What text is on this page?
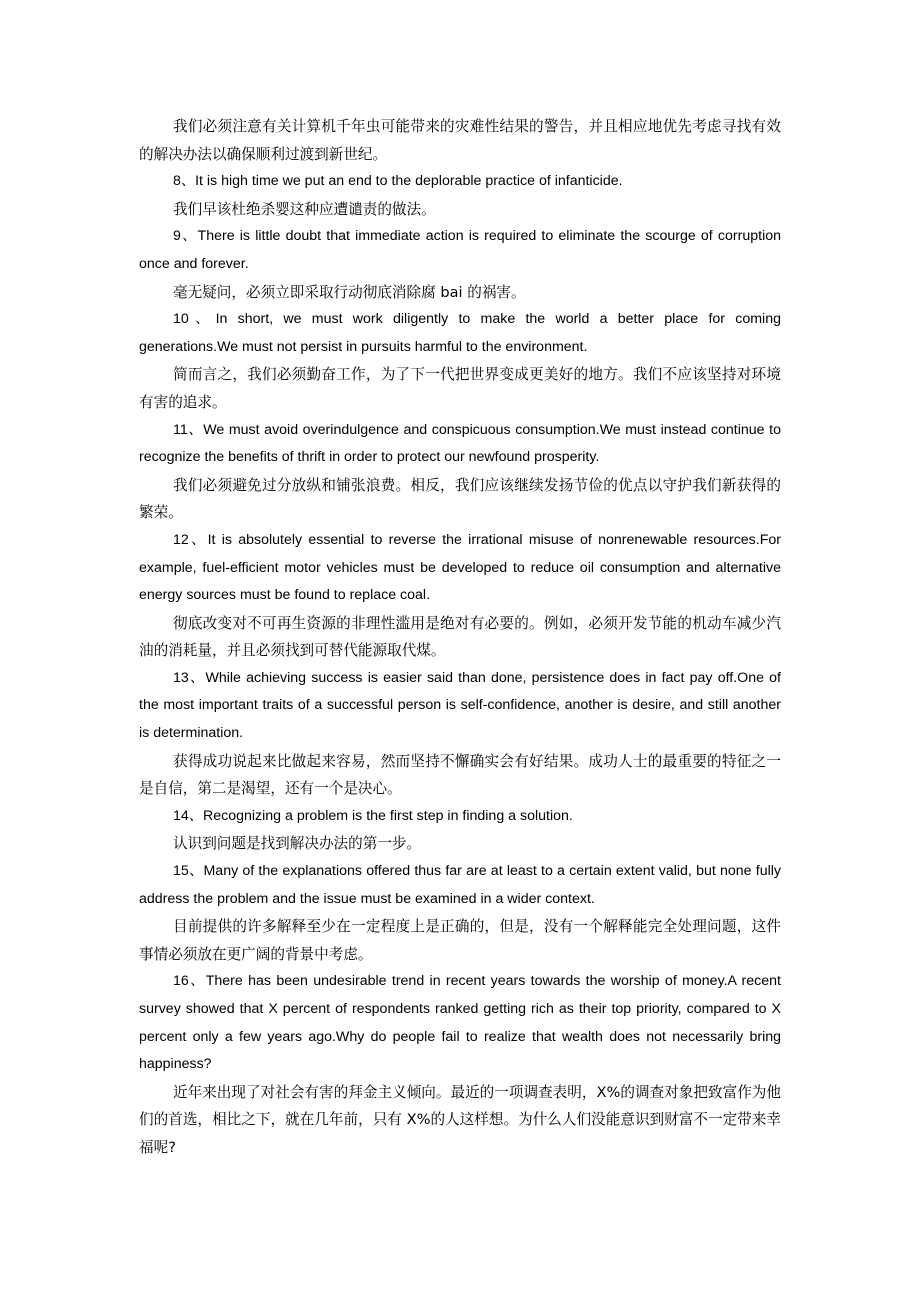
我们必须注意有关计算机千年虫可能带来的灾难性结果的警告，并且相应地优先考虑寻找有效的解决办法以确保顺利过渡到新世纪。

8、It is high time we put an end to the deplorable practice of infanticide.

我们早该杜绝杀婴这种应遭谴责的做法。

9、There is little doubt that immediate action is required to eliminate the scourge of corruption once and forever.

毫无疑问，必须立即采取行动彻底消除腐 bai 的祸害。

10、In short, we must work diligently to make the world a better place for coming generations.We must not persist in pursuits harmful to the environment.

简而言之，我们必须勤奋工作，为了下一代把世界变成更美好的地方。我们不应该坚持对环境有害的追求。

11、We must avoid overindulgence and conspicuous consumption.We must instead continue to recognize the benefits of thrift in order to protect our newfound prosperity.

我们必须避免过分放纵和铺张浪费。相反，我们应该继续发扬节俭的优点以守护我们新获得的繁荣。

12、It is absolutely essential to reverse the irrational misuse of nonrenewable resources.For example, fuel-efficient motor vehicles must be developed to reduce oil consumption and alternative energy sources must be found to replace coal.

彻底改变对不可再生资源的非理性滥用是绝对有必要的。例如，必须开发节能的机动车减少汽油的消耗量，并且必须找到可替代能源取代煤。

13、While achieving success is easier said than done, persistence does in fact pay off.One of the most important traits of a successful person is self-confidence, another is desire, and still another is determination.

获得成功说起来比做起来容易，然而坚持不懈确实会有好结果。成功人士的最重要的特征之一是自信，第二是渴望，还有一个是决心。

14、Recognizing a problem is the first step in finding a solution.

认识到问题是找到解决办法的第一步。

15、Many of the explanations offered thus far are at least to a certain extent valid, but none fully address the problem and the issue must be examined in a wider context.

目前提供的许多解释至少在一定程度上是正确的，但是，没有一个解释能完全处理问题，这件事情必须放在更广阔的背景中考虑。

16、There has been undesirable trend in recent years towards the worship of money.A recent survey showed that X percent of respondents ranked getting rich as their top priority, compared to X percent only a few years ago.Why do people fail to realize that wealth does not necessarily bring happiness?

近年来出现了对社会有害的拜金主义倾向。最近的一项调查表明，X%的调查对象把致富作为他们的首选，相比之下，就在几年前，只有 X%的人这样想。为什么人们没能意识到财富不一定带来幸福呢?
